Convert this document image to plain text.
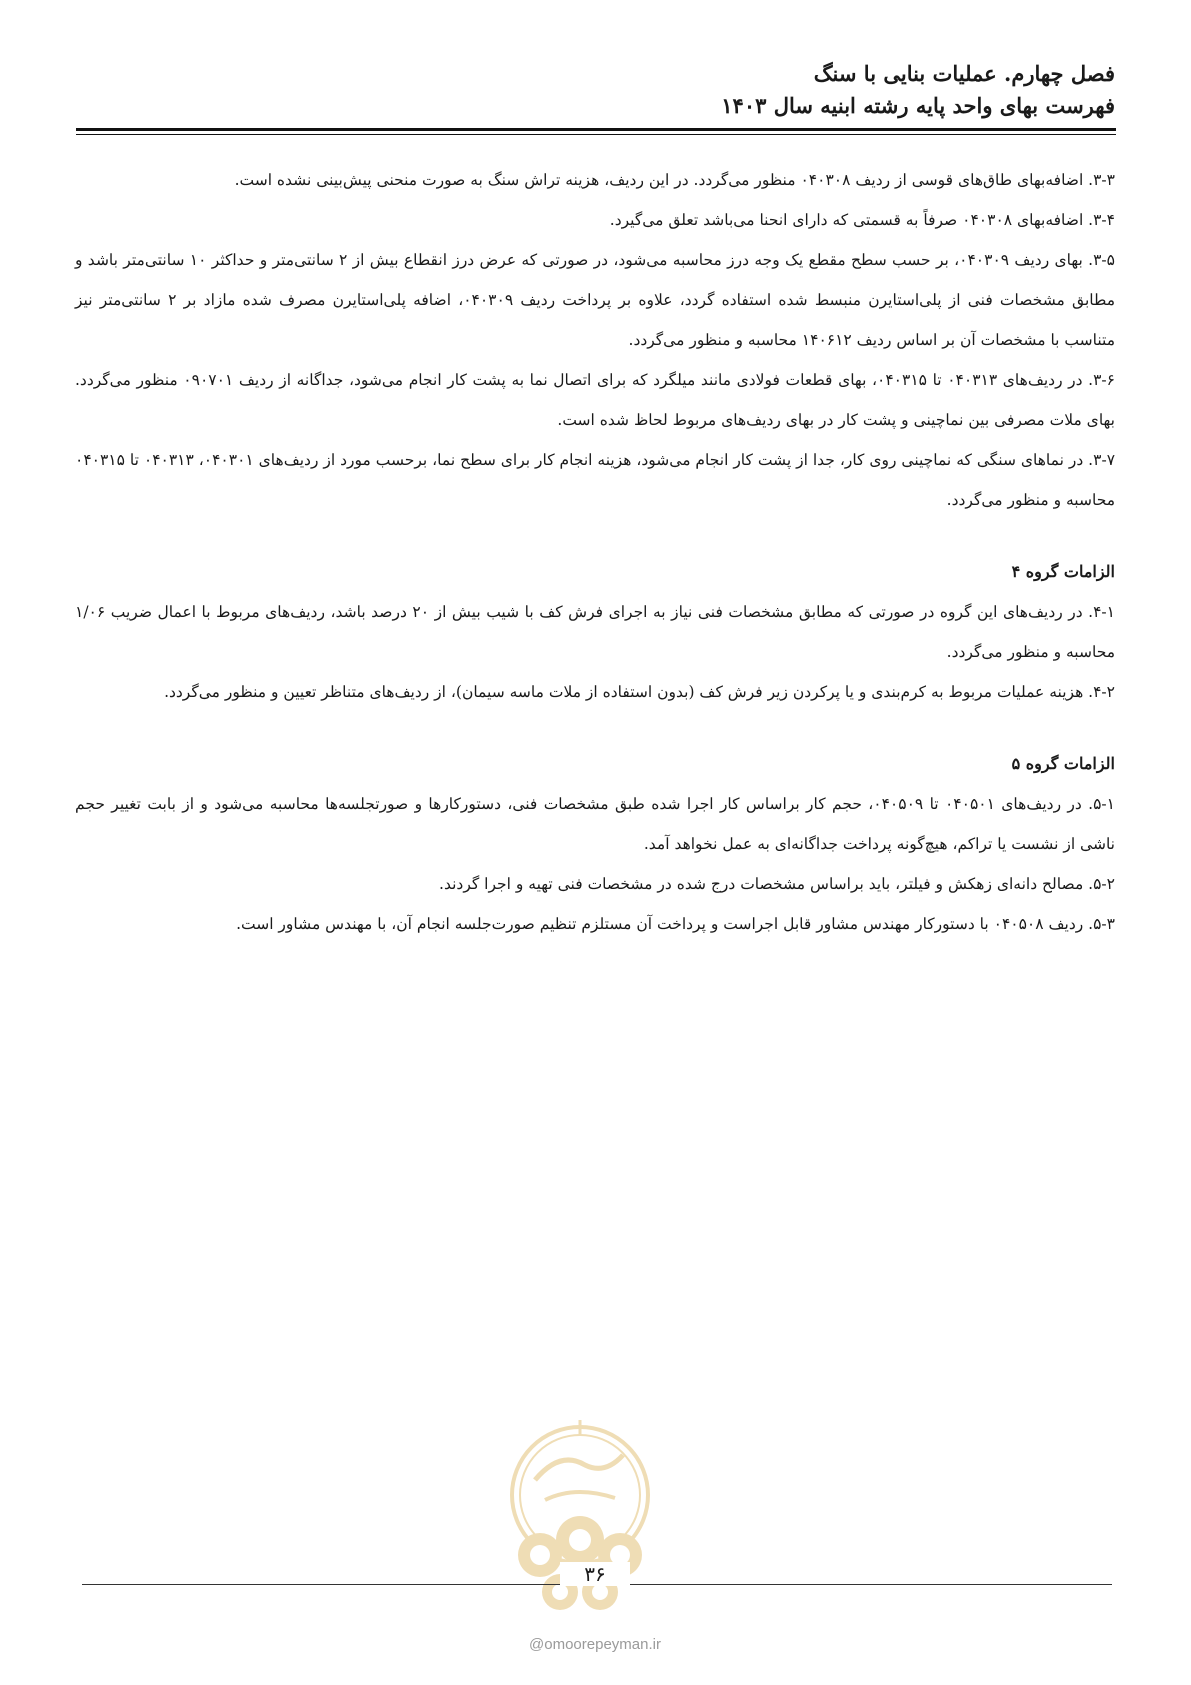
فصل چهارم. عملیات بنایی با سنگ
فهرست بهای واحد پایه رشته ابنیه سال ۱۴۰۳

۳-۳. اضافه‌بهای طاق‌های قوسی از ردیف ۰۴۰۳۰۸ منظور می‌گردد. در این ردیف، هزینه تراش سنگ به صورت منحنی پیش‌بینی نشده است.

۳-۴. اضافه‌بهای ۰۴۰۳۰۸ صرفاً به قسمتی که دارای انحنا می‌باشد تعلق می‌گیرد.

۳-۵. بهای ردیف ۰۴۰۳۰۹، بر حسب سطح مقطع یک وجه درز محاسبه می‌شود، در صورتی که عرض درز انقطاع بیش از ۲ سانتی‌متر و حداکثر ۱۰ سانتی‌متر باشد و مطابق مشخصات فنی از پلی‌استایرن منبسط شده استفاده گردد، علاوه بر پرداخت ردیف ۰۴۰۳۰۹، اضافه پلی‌استایرن مصرف شده مازاد بر ۲ سانتی‌متر نیز متناسب با مشخصات آن بر اساس ردیف ۱۴۰۶۱۲ محاسبه و منظور می‌گردد.

۳-۶. در ردیف‌های ۰۴۰۳۱۳ تا ۰۴۰۳۱۵، بهای قطعات فولادی مانند میلگرد که برای اتصال نما به پشت کار انجام می‌شود، جداگانه از ردیف ۰۹۰۷۰۱ منظور می‌گردد. بهای ملات مصرفی بین نماچینی و پشت کار در بهای ردیف‌های مربوط لحاظ شده است.

۳-۷. در نماهای سنگی که نماچینی روی کار، جدا از پشت کار انجام می‌شود، هزینه انجام کار برای سطح نما، برحسب مورد از ردیف‌های ۰۴۰۳۰۱، ۰۴۰۳۱۳ تا ۰۴۰۳۱۵ محاسبه و منظور می‌گردد.

الزامات گروه ۴

۴-۱. در ردیف‌های این گروه در صورتی که مطابق مشخصات فنی نیاز به اجرای فرش کف با شیب بیش از ۲۰ درصد باشد، ردیف‌های مربوط با اعمال ضریب ۱/۰۶ محاسبه و منظور می‌گردد.

۴-۲. هزینه عملیات مربوط به کرم‌بندی و یا پرکردن زیر فرش کف (بدون استفاده از ملات ماسه سیمان)، از ردیف‌های متناظر تعیین و منظور می‌گردد.

الزامات گروه ۵

۵-۱. در ردیف‌های ۰۴۰۵۰۱ تا ۰۴۰۵۰۹، حجم کار براساس کار اجرا شده طبق مشخصات فنی، دستورکارها و صورتجلسه‌ها محاسبه می‌شود و از بابت تغییر حجم ناشی از نشست یا تراکم، هیچ‌گونه پرداخت جداگانه‌ای به عمل نخواهد آمد.

۵-۲. مصالح دانه‌ای زهکش و فیلتر، باید براساس مشخصات درج شده در مشخصات فنی تهیه و اجرا گردند.

۵-۳. ردیف ۰۴۰۵۰۸ با دستورکار مهندس مشاور قابل اجراست و پرداخت آن مستلزم تنظیم صورت‌جلسه انجام آن، با مهندس مشاور است.

۳۶
@omoorepeyman.ir
